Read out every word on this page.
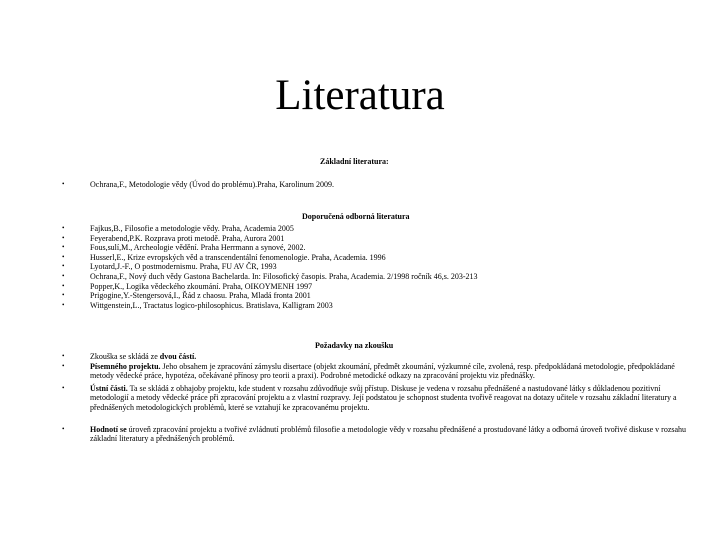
Literatura
Základní literatura:
•	Ochrana,F., Metodologie vědy (Úvod do problému).Praha, Karolinum 2009.
Doporučená odborná literatura
•	Fajkus,B., Filosofie a metodologie vědy. Praha, Academia 2005
•	Feyerabend,P.K. Rozprava proti metodě. Praha, Aurora 2001
•	Fous,sulí,M., Archeologie vědění. Praha Herrmann a synové, 2002.
•	Husserl,E., Krize evropských věd a transcendentální fenomenologie. Praha, Academia. 1996
•	Lyotard,J.-F., O postmodernismu. Praha, FU AV ČR, 1993
•	Ochrana,F., Nový duch vědy Gastona Bachelarda. In: Filosofický časopis. Praha, Academia. 2/1998 ročník 46,s. 203-213
•	Popper,K., Logika vědeckého zkoumání. Praha, OIKOYMENH 1997
•	Prigogine,Y.-Stengersová,I., Řád z chaosu. Praha, Mladá fronta 2001
•	Wittgenstein,L., Tractatus logico-philosophicus. Bratislava, Kalligram 2003
Požadavky na zkoušku
•	Zkouška se skládá ze dvou částí.
•	Písemného projektu. Jeho obsahem je zpracování zámyslu disertace (objekt zkoumání, předmět zkoumání, výzkumné cíle, zvolená, resp. předpokládaná metodologie, předpokládané metody vědecké práce, hypotéza, očekávané přínosy pro teorii a praxi). Podrobné metodické odkazy na zpracování projektu viz přednášky.
•	Ústní části. Ta se skládá z obhajoby projektu, kde student v rozsahu zdůvodňuje svůj přístup. Diskuse je vedena v rozsahu přednášené a nastudované látky s důkladenou pozitivní metodologií a metody vědecké práce při zpracování projektu a z vlastní rozpravy. Její podstatou je schopnost studenta tvořivě reagovat na dotazy učitele v rozsahu základní literatury a přednášených metodologických problémů, které se vztahují ke zpracovanému projektu.
•	Hodnotí se úroveň zpracování projektu a tvořivé zvládnutí problémů filosofie a metodologie vědy v rozsahu přednášené a prostudované látky a odborná úroveň tvořivé diskuse v rozsahu základní literatury a přednášených problémů.
